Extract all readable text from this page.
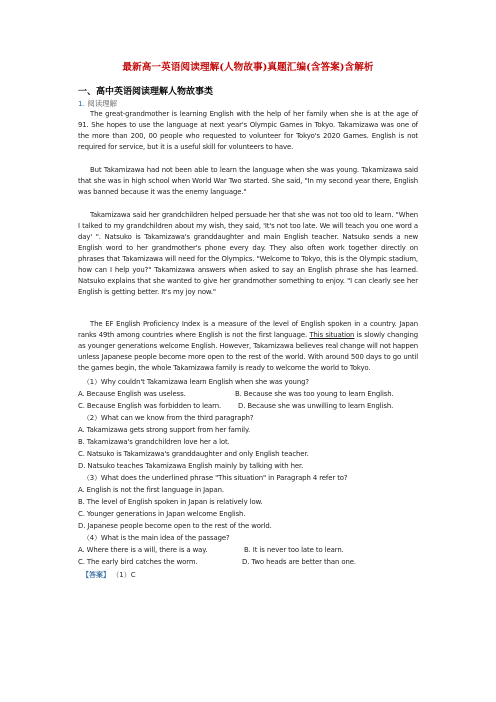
最新高一英语阅读理解(人物故事)真题汇编(含答案)含解析
一、高中英语阅读理解人物故事类
1. 阅读理解

The great-grandmother is learning English with the help of her family when she is at the age of 91. She hopes to use the language at next year's Olympic Games in Tokyo. Takamizawa was one of the more than 200, 00 people who requested to volunteer for Tokyo's 2020 Games. English is not required for service, but it is a useful skill for volunteers to have.

But Takamizawa had not been able to learn the language when she was young. Takamizawa said that she was in high school when World War Two started. She said, "In my second year there, English was banned because it was the enemy language."

Takamizawa said her grandchildren helped persuade her that she was not too old to learn. "When I talked to my grandchildren about my wish, they said, 'It's not too late. We will teach you one word a day' ". Natsuko is Takamizawa's granddaughter and main English teacher. Natsuko sends a new English word to her grandmother's phone every day. They also often work together directly on phrases that Takamizawa will need for the Olympics. "Welcome to Tokyo, this is the Olympic stadium, how can I help you?" Takamizawa answers when asked to say an English phrase she has learned. Natsuko explains that she wanted to give her grandmother something to enjoy. "I can clearly see her English is getting better. It's my joy now."

The EF English Proficiency Index is a measure of the level of English spoken in a country. Japan ranks 49th among countries where English is not the first language. This situation is slowly changing as younger generations welcome English. However, Takamizawa believes real change will not happen unless Japanese people become more open to the rest of the world. With around 500 days to go until the games begin, the whole Takamizawa family is ready to welcome the world to Tokyo.

（1）Why couldn't Takamizawa learn English when she was young?
A. Because English was useless.	B. Because she was too young to learn English.
C. Because English was forbidden to learn. D. Because she was unwilling to learn English.
（2）What can we know from the third paragraph?
A. Takamizawa gets strong support from her family.
B. Takamizawa's grandchildren love her a lot.
C. Natsuko is Takamizawa's granddaughter and only English teacher.
D. Natsuko teaches Takamizawa English mainly by talking with her.
（3）What does the underlined phrase "This situation" in Paragraph 4 refer to?
A. English is not the first language in Japan.
B. The level of English spoken in Japan is relatively low.
C. Younger generations in Japan welcome English.
D. Japanese people become open to the rest of the world.
（4）What is the main idea of the passage?
A. Where there is a will, there is a way.	B. It is never too late to learn.
C. The early bird catches the worm.	D. Two heads are better than one.
【答案】 （1）C
